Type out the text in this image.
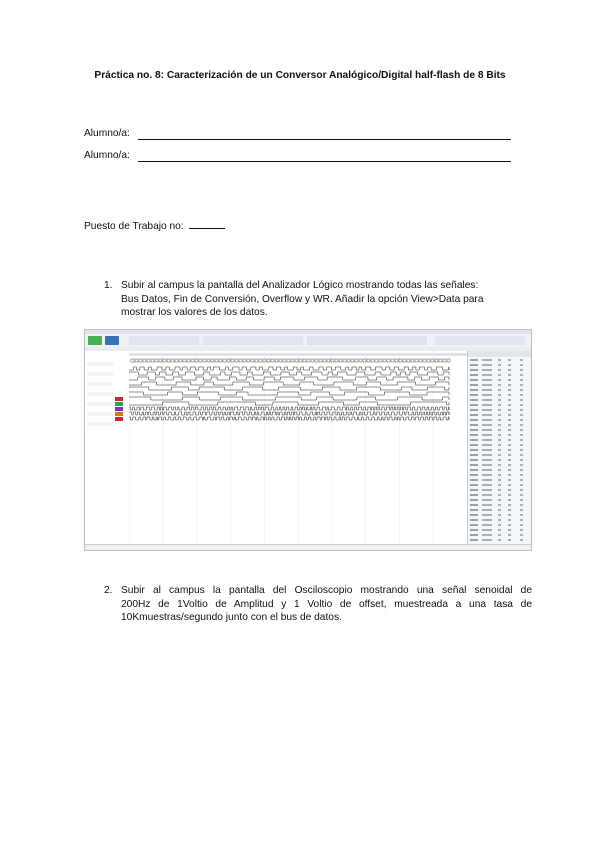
Práctica no. 8: Caracterización de un Conversor Analógico/Digital half-flash de 8 Bits
Alumno/a:
Alumno/a:
Puesto de Trabajo no:
1. Subir al campus la pantalla del Analizador Lógico mostrando todas las señales:
Bus Datos, Fin de Conversión, Overflow y WR. Añadir la opción View>Data para
mostrar los valores de los datos.
2. Subir al campus la pantalla del Osciloscopio mostrando una señal senoidal de
200Hz de 1Voltio de Amplitud y 1 Voltio de offset, muestreada a una tasa de
10Kmuestras/segundo junto con el bus de datos.
